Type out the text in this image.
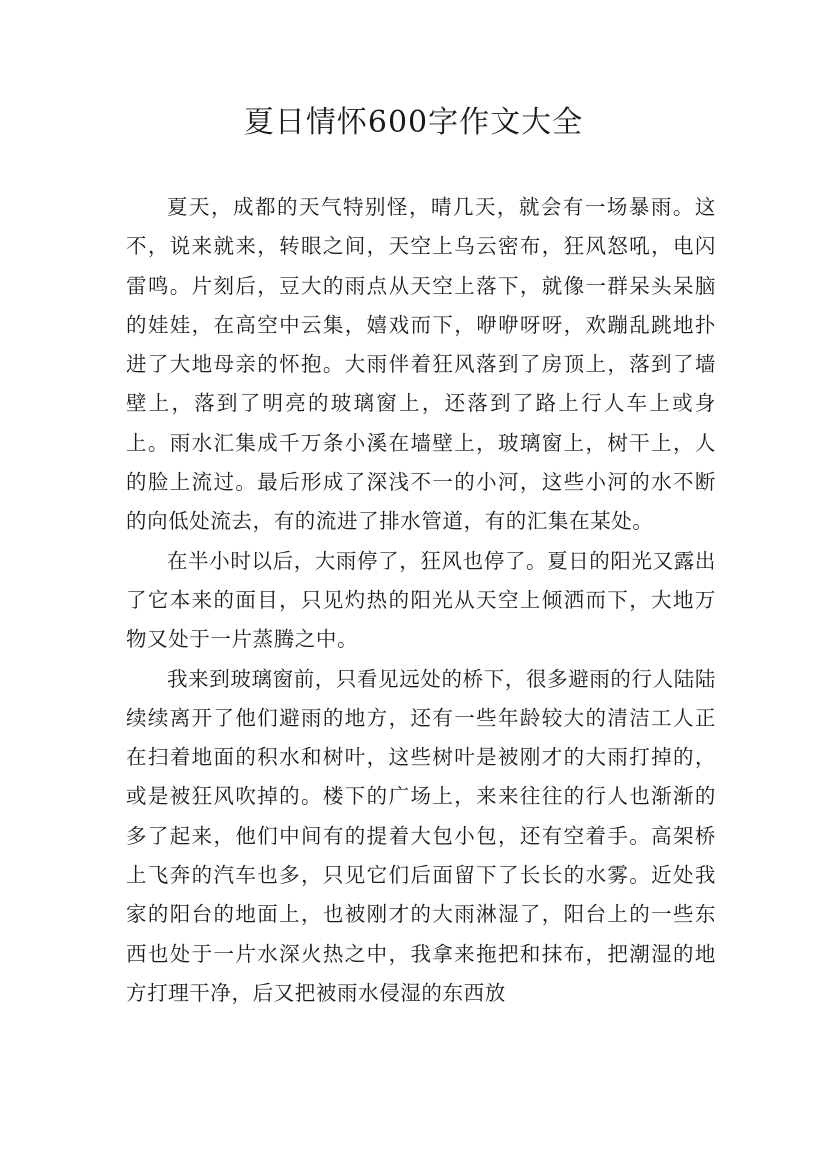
夏日情怀600字作文大全

夏天，成都的天气特别怪，晴几天，就会有一场暴雨。这不，说来就来，转眼之间，天空上乌云密布，狂风怒吼，电闪雷鸣。片刻后，豆大的雨点从天空上落下，就像一群呆头呆脑的娃娃，在高空中云集，嬉戏而下，咿咿呀呀，欢蹦乱跳地扑进了大地母亲的怀抱。大雨伴着狂风落到了房顶上，落到了墙壁上，落到了明亮的玻璃窗上，还落到了路上行人车上或身上。雨水汇集成千万条小溪在墙壁上，玻璃窗上，树干上，人的脸上流过。最后形成了深浅不一的小河，这些小河的水不断的向低处流去，有的流进了排水管道，有的汇集在某处。

在半小时以后，大雨停了，狂风也停了。夏日的阳光又露出了它本来的面目，只见灼热的阳光从天空上倾洒而下，大地万物又处于一片蒸腾之中。

我来到玻璃窗前，只看见远处的桥下，很多避雨的行人陆陆续续离开了他们避雨的地方，还有一些年龄较大的清洁工人正在扫着地面的积水和树叶，这些树叶是被刚才的大雨打掉的，或是被狂风吹掉的。楼下的广场上，来来往往的行人也渐渐的多了起来，他们中间有的提着大包小包，还有空着手。高架桥上飞奔的汽车也多，只见它们后面留下了长长的水雾。近处我家的阳台的地面上，也被刚才的大雨淋湿了，阳台上的一些东西也处于一片水深火热之中，我拿来拖把和抹布，把潮湿的地方打理干净，后又把被雨水侵湿的东西放
